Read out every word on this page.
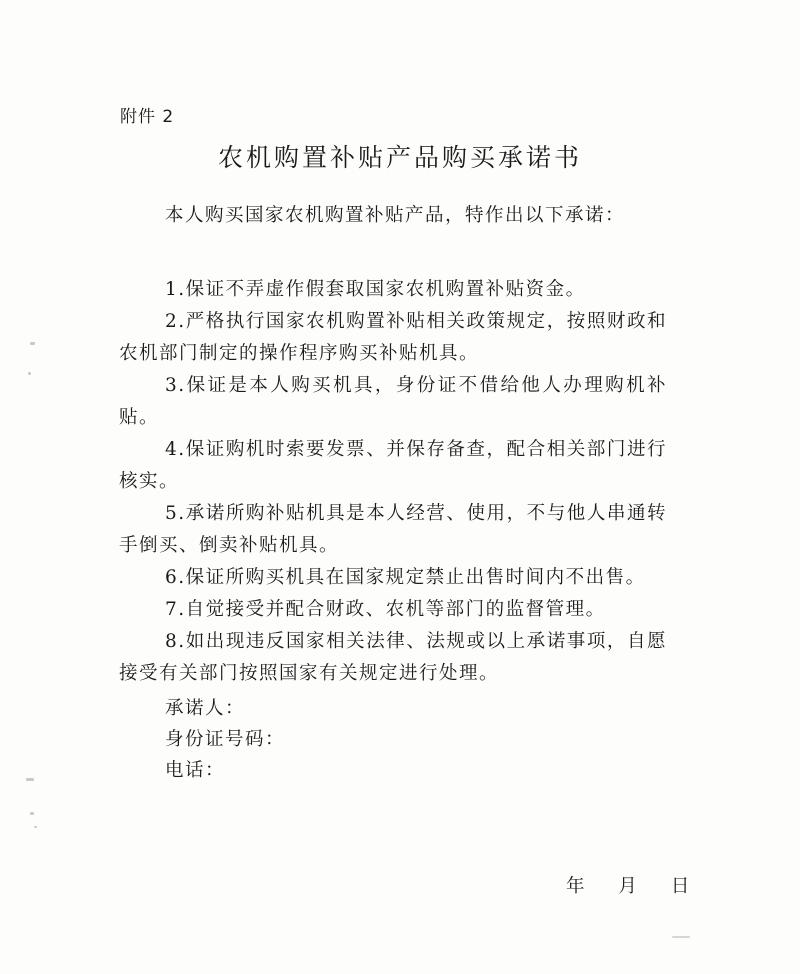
附件 2
农机购置补贴产品购买承诺书

本人购买国家农机购置补贴产品，特作出以下承诺：

1.保证不弄虚作假套取国家农机购置补贴资金。

2.严格执行国家农机购置补贴相关政策规定，按照财政和农机部门制定的操作程序购买补贴机具。

3.保证是本人购买机具，身份证不借给他人办理购机补贴。

4.保证购机时索要发票、并保存备查，配合相关部门进行核实。

5.承诺所购补贴机具是本人经营、使用，不与他人串通转手倒买、倒卖补贴机具。

6.保证所购买机具在国家规定禁止出售时间内不出售。

7.自觉接受并配合财政、农机等部门的监督管理。

8.如出现违反国家相关法律、法规或以上承诺事项，自愿接受有关部门按照国家有关规定进行处理。

承诺人：
身份证号码：
电话：
年 月 日
